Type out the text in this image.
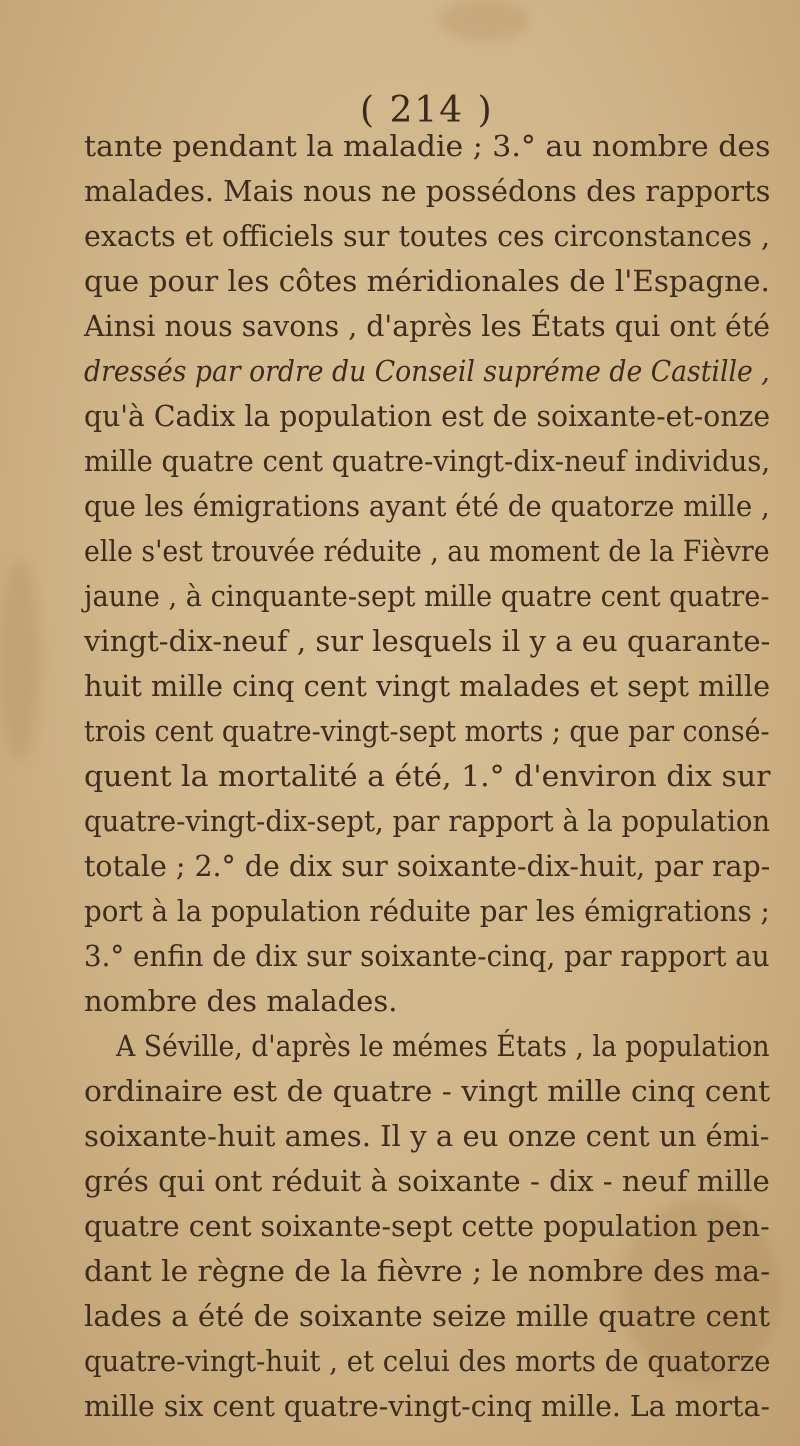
( 214 )
tante pendant la maladie ; 3.° au nombre des
malades. Mais nous ne possédons des rapports
exacts et officiels sur toutes ces circonstances ,
que pour les côtes méridionales de l'Espagne.
Ainsi nous savons , d'après les États qui ont été
dressés par ordre du Conseil supréme de Castille ,
qu'à Cadix la population est de soixante-et-onze
mille quatre cent quatre-vingt-dix-neuf individus,
que les émigrations ayant été de quatorze mille ,
elle s'est trouvée réduite , au moment de la Fièvre
jaune , à cinquante-sept mille quatre cent quatre-
vingt-dix-neuf , sur lesquels il y a eu quarante-
huit mille cinq cent vingt malades et sept mille
trois cent quatre-vingt-sept morts ; que par consé-
quent la mortalité a été, 1.° d'environ dix sur
quatre-vingt-dix-sept, par rapport à la population
totale ; 2.° de dix sur soixante-dix-huit, par rap-
port à la population réduite par les émigrations ;
3.° enfin de dix sur soixante-cinq, par rapport au
nombre des malades.
A Séville, d'après le mémes États , la population
ordinaire est de quatre - vingt mille cinq cent
soixante-huit ames. Il y a eu onze cent un émi-
grés qui ont réduit à soixante - dix - neuf mille
quatre cent soixante-sept cette population pen-
dant le règne de la fièvre ; le nombre des ma-
lades a été de soixante seize mille quatre cent
quatre-vingt-huit , et celui des morts de quatorze
mille six cent quatre-vingt-cinq mille. La morta-
